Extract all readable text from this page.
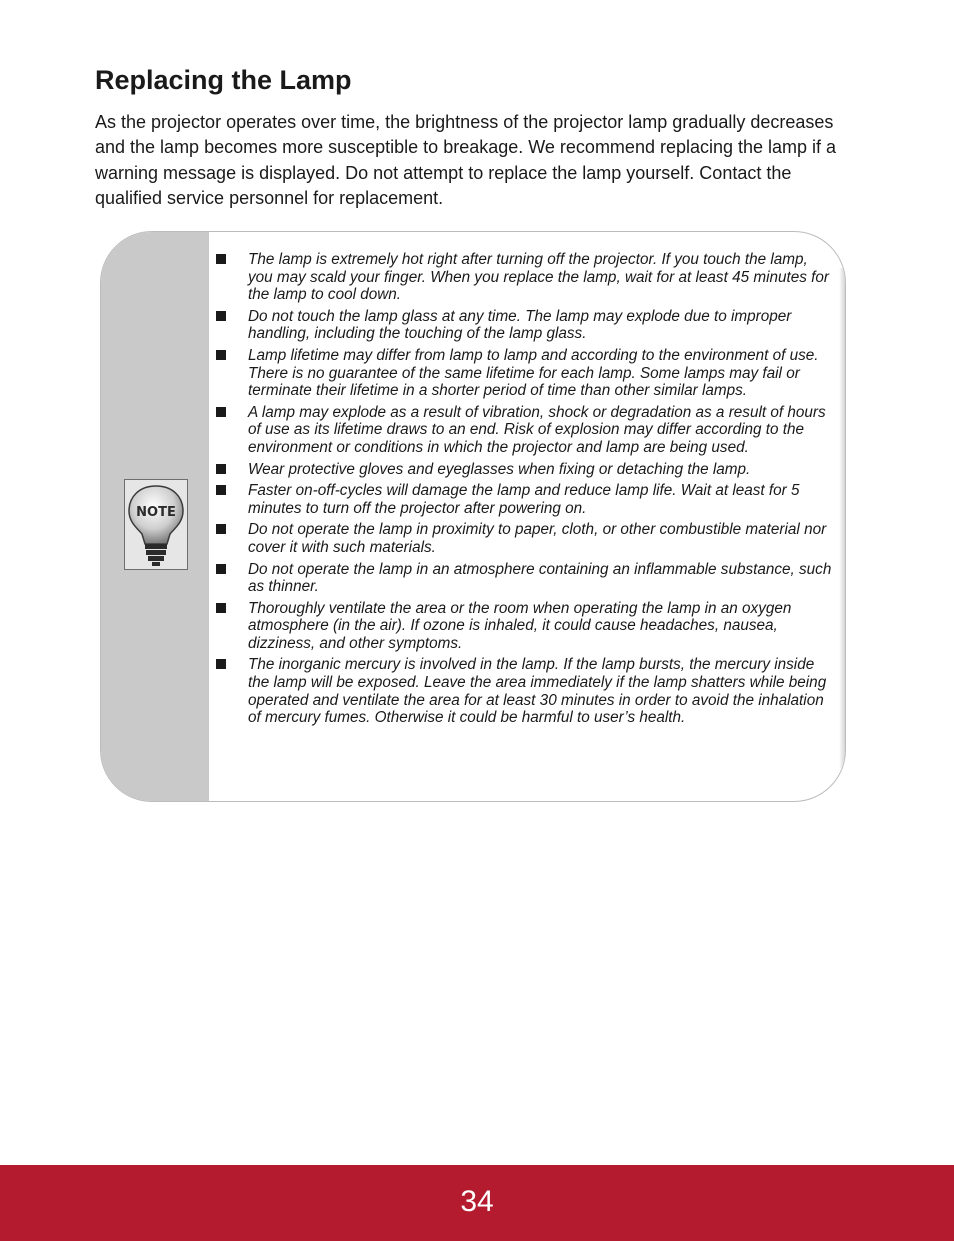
Replacing the Lamp

As the projector operates over time, the brightness of the projector lamp gradually decreases and the lamp becomes more susceptible to breakage. We recommend replacing the lamp if a warning message is displayed. Do not attempt to replace the lamp yourself. Contact the qualified service personnel for replacement.

NOTE
The lamp is extremely hot right after turning off the projector. If you touch the lamp, you may scald your finger. When you replace the lamp, wait for at least 45 minutes for the lamp to cool down.
Do not touch the lamp glass at any time. The lamp may explode due to improper handling, including the touching of the lamp glass.
Lamp lifetime may differ from lamp to lamp and according to the environment of use. There is no guarantee of the same lifetime for each lamp. Some lamps may fail or terminate their lifetime in a shorter period of time than other similar lamps.
A lamp may explode as a result of vibration, shock or degradation as a result of hours of use as its lifetime draws to an end. Risk of explosion may differ according to the environment or conditions in which the projector and lamp are being used.
Wear protective gloves and eyeglasses when fixing or detaching the lamp.
Faster on-off-cycles will damage the lamp and reduce lamp life. Wait at least for 5 minutes to turn off the projector after powering on.
Do not operate the lamp in proximity to paper, cloth, or other combustible material nor cover it with such materials.
Do not operate the lamp in an atmosphere containing an inflammable substance, such as thinner.
Thoroughly ventilate the area or the room when operating the lamp in an oxygen atmosphere (in the air). If ozone is inhaled, it could cause headaches, nausea, dizziness, and other symptoms.
The inorganic mercury is involved in the lamp. If the lamp bursts, the mercury inside the lamp will be exposed. Leave the area immediately if the lamp shatters while being operated and ventilate the area for at least 30 minutes in order to avoid the inhalation of mercury fumes. Otherwise it could be harmful to user’s health.
34
